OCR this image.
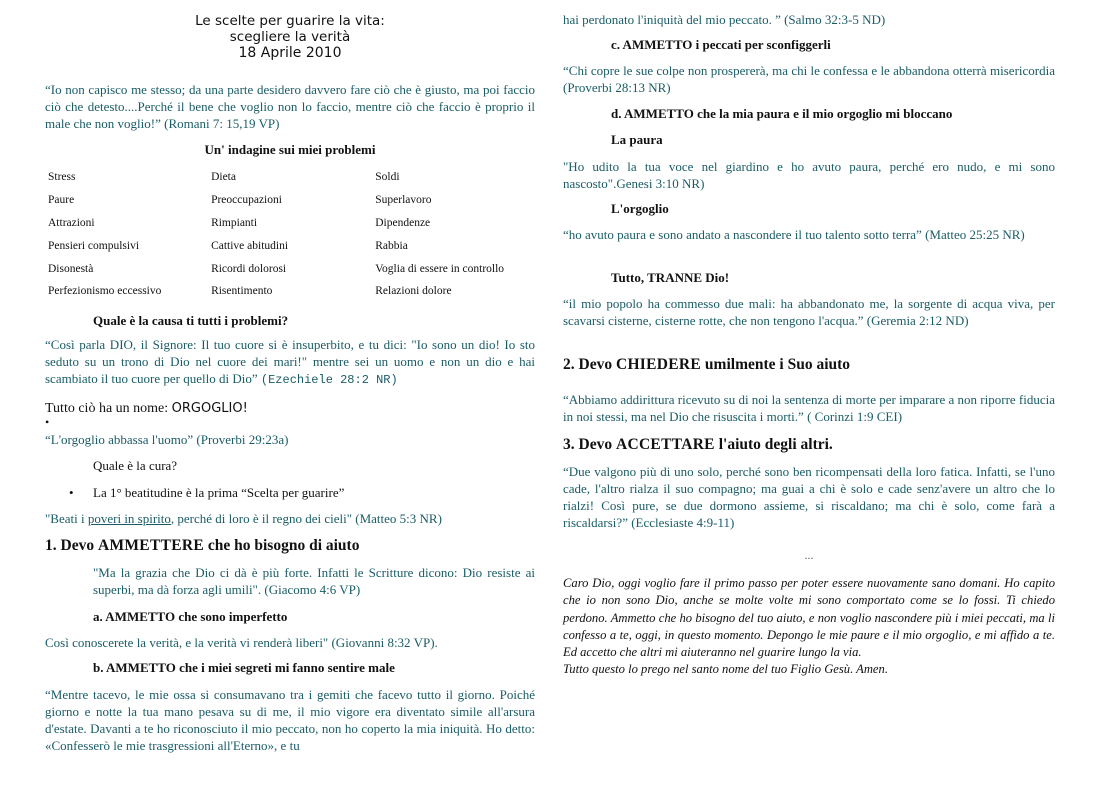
Le scelte per guarire la vita:
scegliere la verità
18 Aprile 2010

“Io non capisco me stesso; da una parte desidero davvero fare ciò che è giusto, ma poi faccio ciò che detesto....Perché il bene che voglio non lo faccio, mentre ciò che faccio è proprio il male che non voglio!” (Romani 7: 15,19 VP)

Un' indagine sui miei problemi
Stress	Dieta	Soldi
Paure	Preoccupazioni	Superlavoro
Attrazioni	Rimpianti	Dipendenze
Pensieri compulsivi	Cattive abitudini	Rabbia
Disonestà	Ricordi dolorosi	Voglia di essere in controllo
Perfezionismo eccessivo	Risentimento	Relazioni dolore
Quale è la causa ti tutti i problemi?

“Così parla DIO, il Signore: Il tuo cuore si è insuperbito, e tu dici: "Io sono un dio! Io sto seduto su un trono di Dio nel cuore dei mari!" mentre sei un uomo e non un dio e hai scambiato il tuo cuore per quello di Dio” (Ezechiele 28:2 NR)

Tutto ciò ha un nome: ORGOGLIO!
•

“L'orgoglio abbassa l'uomo” (Proverbi 29:23a)

Quale è la cura?
• La 1° beatitudine è la prima “Scelta per guarire”

"Beati i poveri in spirito, perché di loro è il regno dei cieli" (Matteo 5:3 NR)

1. Devo AMMETTERE che ho bisogno di aiuto

"Ma la grazia che Dio ci dà è più forte. Infatti le Scritture dicono: Dio resiste ai superbi, ma dà forza agli umili". (Giacomo 4:6 VP)

a. AMMETTO che sono imperfetto

Così conoscerete la verità, e la verità vi renderà liberi" (Giovanni 8:32 VP).

b. AMMETTO che i miei segreti mi fanno sentire male

“Mentre tacevo, le mie ossa si consumavano tra i gemiti che facevo tutto il giorno. Poiché giorno e notte la tua mano pesava su di me, il mio vigore era diventato simile all'arsura d'estate. Davanti a te ho riconosciuto il mio peccato, non ho coperto la mia iniquità. Ho detto: «Confesserò le mie trasgressioni all'Eterno», e tu

hai perdonato l'iniquità del mio peccato. ” (Salmo 32:3-5 ND)

c. AMMETTO i peccati per sconfiggerli

“Chi copre le sue colpe non prospererà, ma chi le confessa e le abbandona otterrà misericordia (Proverbi 28:13 NR)

d. AMMETTO che la mia paura e il mio orgoglio mi bloccano
La paura

"Ho udito la tua voce nel giardino e ho avuto paura, perché ero nudo, e mi sono nascosto".Genesi 3:10 NR)

L'orgoglio

“ho avuto paura e sono andato a nascondere il tuo talento sotto terra” (Matteo 25:25 NR)

Tutto, TRANNE Dio!

“il mio popolo ha commesso due mali: ha abbandonato me, la sorgente di acqua viva, per scavarsi cisterne, cisterne rotte, che non tengono l'acqua.” (Geremia 2:12 ND)

2. Devo CHIEDERE umilmente i Suo aiuto

“Abbiamo addirittura ricevuto su di noi la sentenza di morte per imparare a non riporre fiducia in noi stessi, ma nel Dio che risuscita i morti.” ( Corinzi 1:9 CEI)

3. Devo ACCETTARE l'aiuto degli altri.

“Due valgono più di uno solo, perché sono ben ricompensati della loro fatica. Infatti, se l'uno cade, l'altro rialza il suo compagno; ma guai a chi è solo e cade senz'avere un altro che lo rialzi! Così pure, se due dormono assieme, si riscaldano; ma chi è solo, come farà a riscaldarsi?” (Ecclesiaste 4:9-11)

...

Caro Dio, oggi voglio fare il primo passo per poter essere nuovamente sano domani. Ho capito che io non sono Dio, anche se molte volte mi sono comportato come se lo fossi. Ti chiedo perdono. Ammetto che ho bisogno del tuo aiuto, e non voglio nascondere più i miei peccati, ma li confesso a te, oggi, in questo momento. Depongo le mie paure e il mio orgoglio, e mi affido a te. Ed accetto che altri mi aiuteranno nel guarire lungo la via.
Tutto questo lo prego nel santo nome del tuo Figlio Gesù. Amen.
